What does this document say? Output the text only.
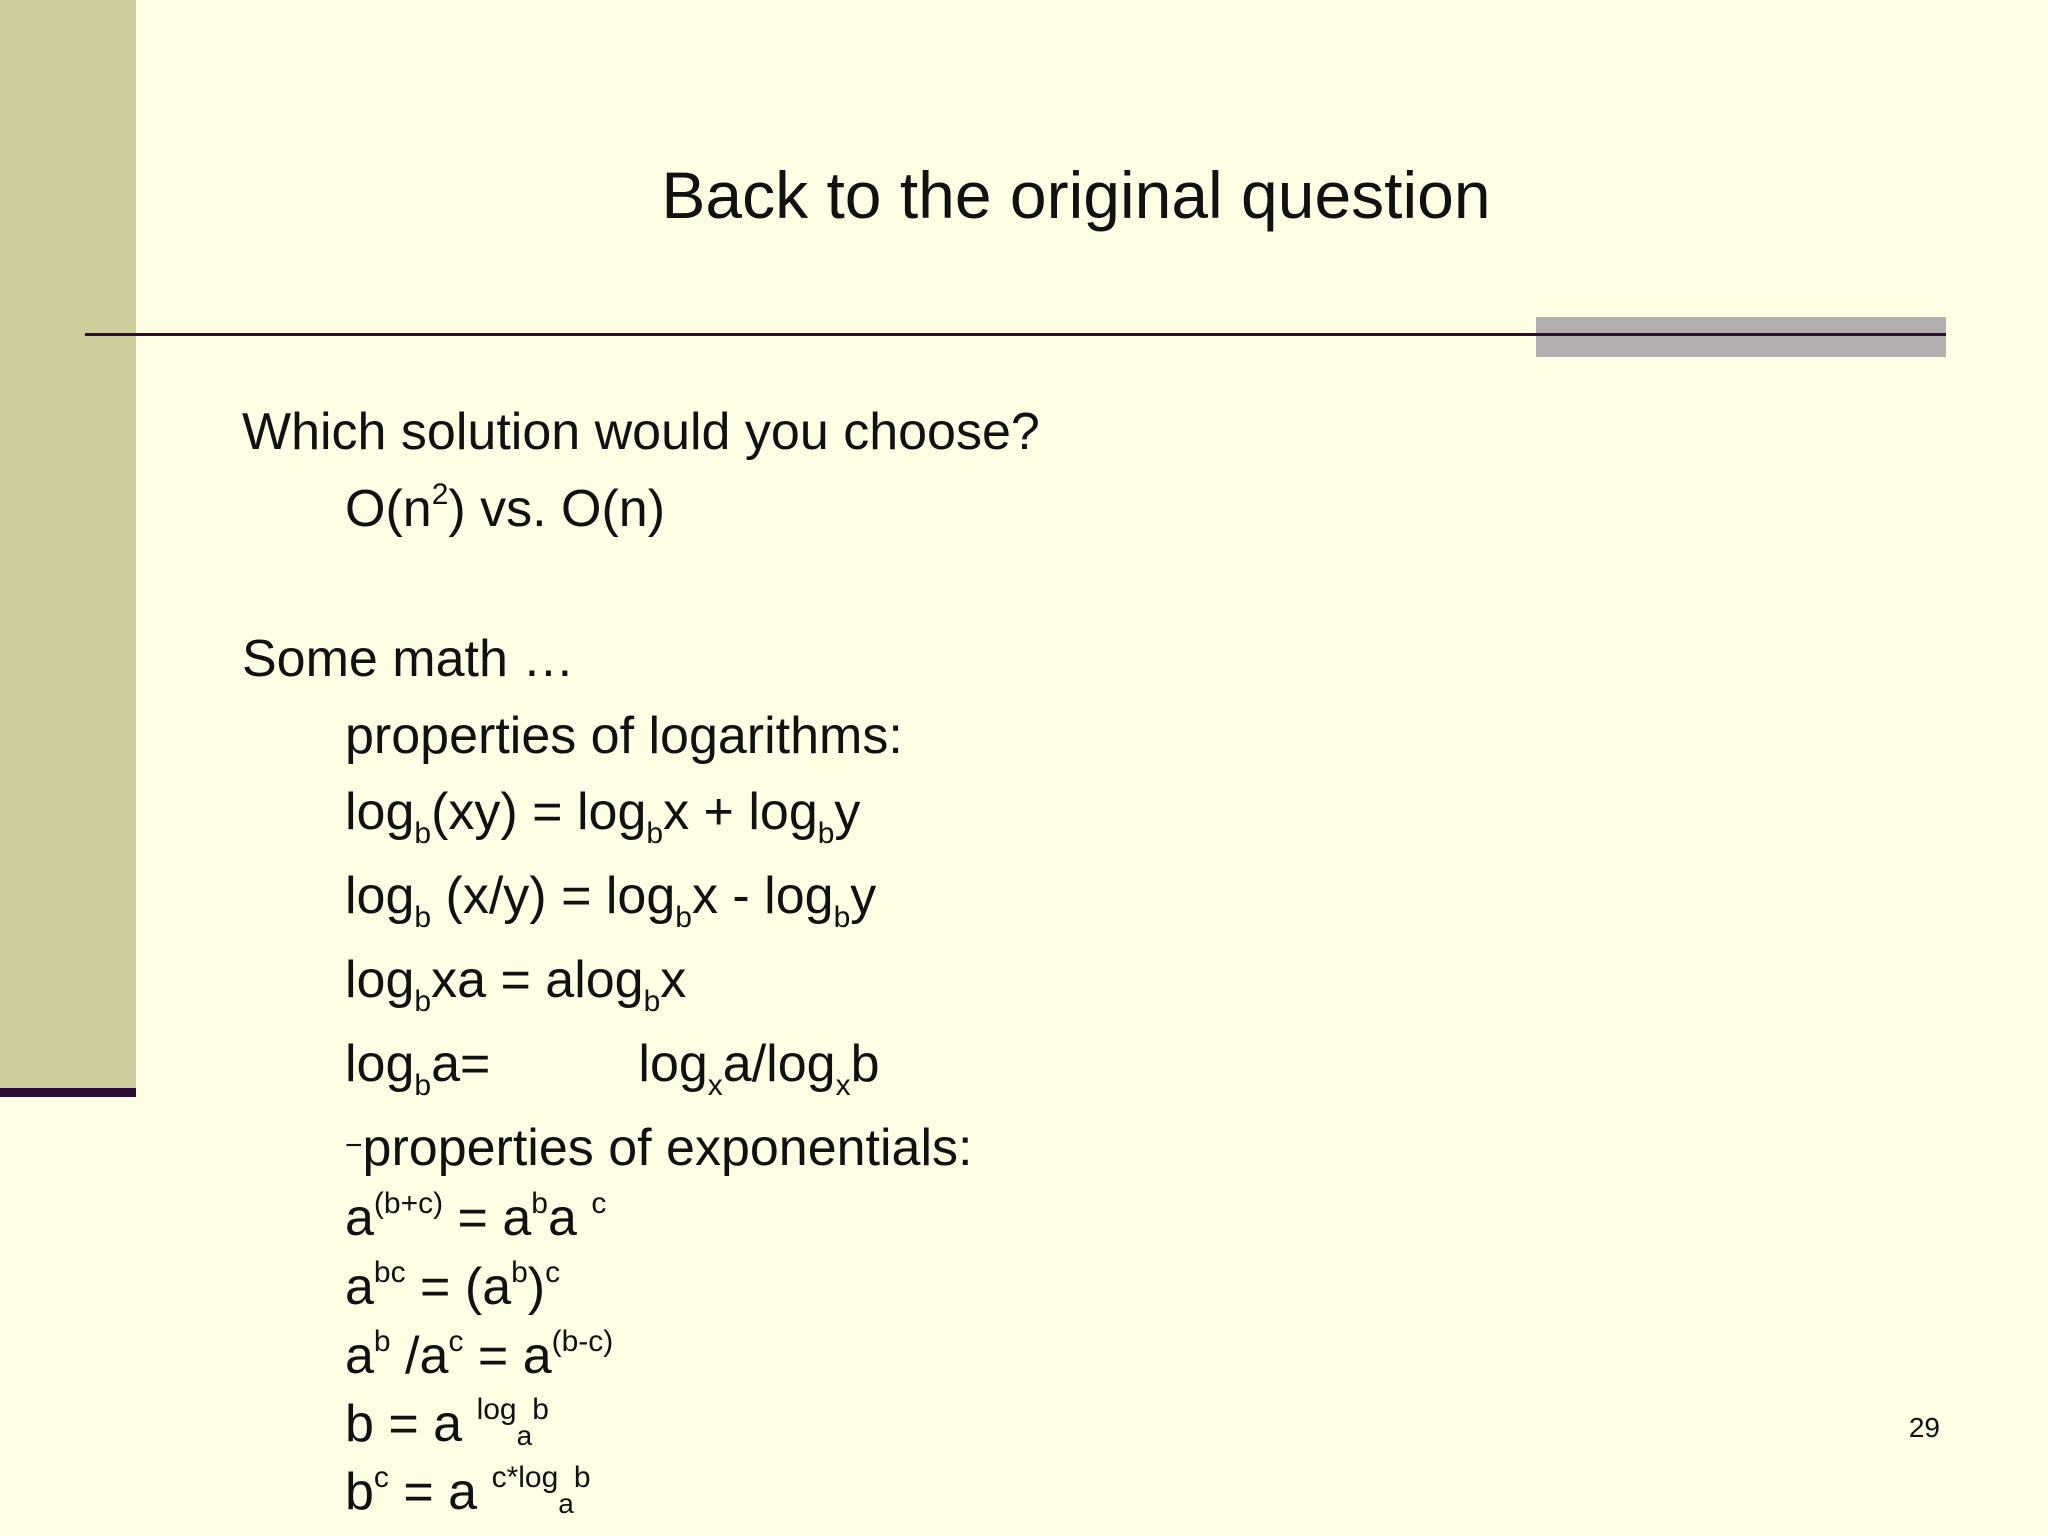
Back to the original question

Which solution would you choose?

$O(n^2)$ vs. O(n)

Some math …

properties of logarithms:

$\log_b(xy) = \log_bx + \log_by$

$\log_b (x/y) = \log_bx - \log_by$

$\log_bxa = alog_bx$

$\log_ba=$	$\log_xa/\log_xb$

−properties of exponentials:

$a^{(b+c)} = a^ba$ $^c$

$a^{bc} = (a^b)^c$

$a^b$ $/a^c = a^{(b-c)}$

b = a $^{log_ab}$

$b^c = a$ $^{c*log_ab}$

29
